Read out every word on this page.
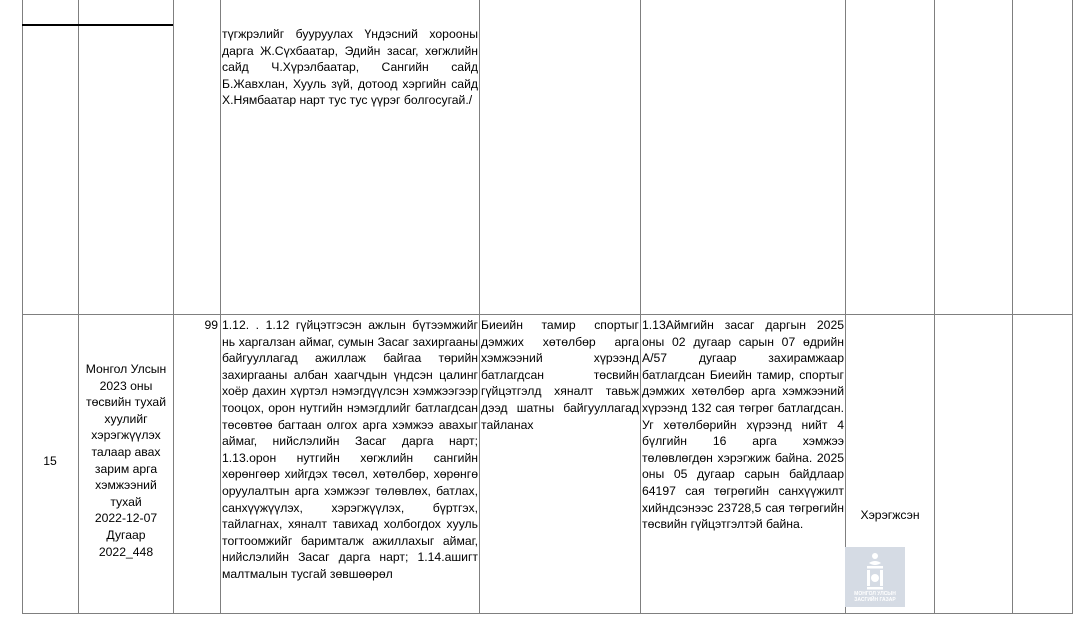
түгжрэлийг бууруулах Үндэсний хорооны дарга Ж.Сүхбаатар, Эдийн засаг, хөгжлийн сайд Ч.Хүрэлбаатар, Сангийн сайд Б.Жавхлан, Хууль зүй, дотоод хэргийн сайд Х.Нямбаатар нарт тус тус үүрэг болгосугай./
15
Монгол Улсын 2023 оны төсвийн тухай хуулийг хэрэгжүүлэх талаар авах зарим арга хэмжээний тухай
2022-12-07
Дугаар 2022_448
99 1.12. . 1.12 гүйцэтгэсэн ажлын бүтээмжийг нь харгалзан аймаг, сумын Засаг захиргааны байгууллагад ажиллаж байгаа төрийн захиргааны албан хаагчдын үндсэн цалинг хоёр дахин хүртэл нэмэгдүүлсэн хэмжээгээр тооцох, орон нутгийн нэмэгдлийг батлагдсан төсөвтөө багтаан олгох арга хэмжээ авахыг аймаг, нийслэлийн Засаг дарга нарт; 1.13.орон нутгийн хөгжлийн сангийн хөрөнгөөр хийгдэх төсөл, хөтөлбөр, хөрөнгө оруулалтын арга хэмжээг төлөвлөх, батлах, санхүүжүүлэх, хэрэгжүүлэх, бүртгэх, тайлагнах, хяналт тавихад холбогдох хууль тогтоомжийг баримталж ажиллахыг аймаг, нийслэлийн Засаг дарга нарт; 1.14.ашигт малтмалын тусгай зөвшөөрөл
Биеийн тамир спортыг дэмжих хөтөлбөр арга хэмжээний хүрээнд батлагдсан төсвийн гүйцэтгэлд хяналт тавьж дээд шатны байгууллагад тайланах
1.13Аймгийн засаг даргын 2025 оны 02 дугаар сарын 07 өдрийн А/57 дугаар захирамжаар батлагдсан Биеийн тамир, спортыг дэмжих хөтөлбөр арга хэмжээний хүрээнд 132 сая төгрөг батлагдсан. Уг хөтөлбөрийн хүрээнд нийт 4 бүлгийн 16 арга хэмжээ төлөвлөгдөн хэрэгжиж байна. 2025 оны 05 дугаар сарын байдлаар 64197 сая төгрөгийн санхүүжилт хийндсэнээс 23728,5 сая төгрөгийн төсвийн гүйцэтгэлтэй байна.
Хэрэгжсэн
МОНГОЛ УЛСЫН
ЗАСГИЙН ГАЗАР
